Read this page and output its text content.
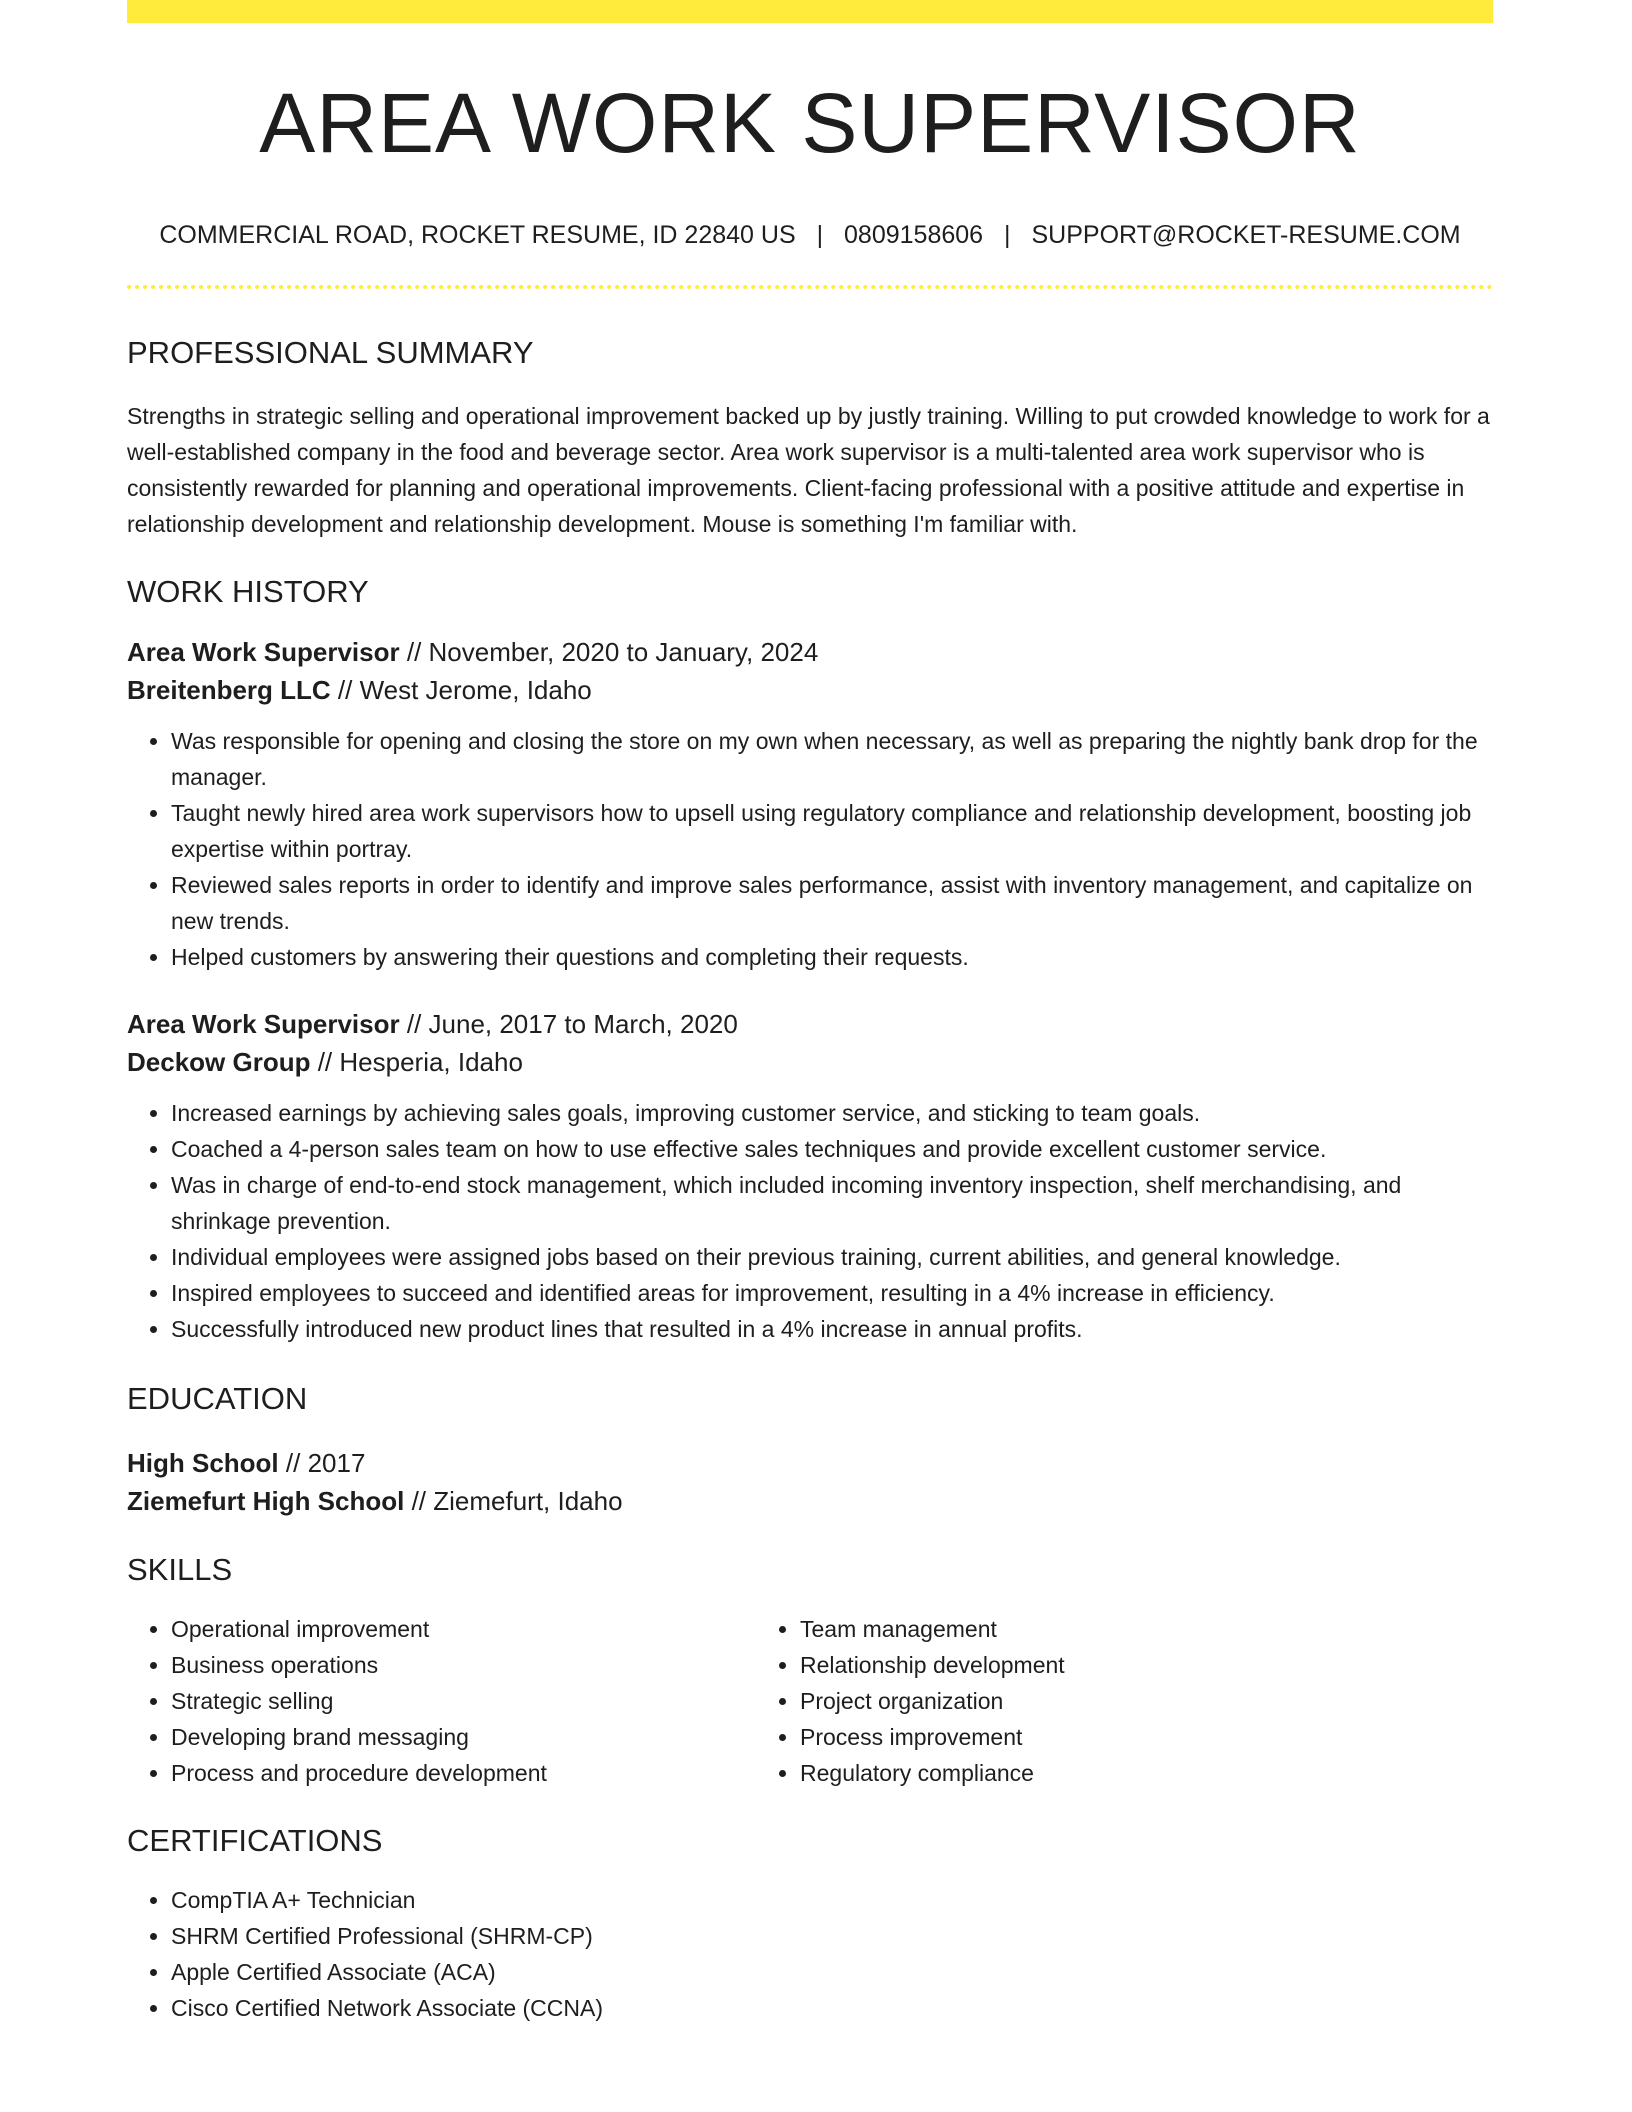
AREA WORK SUPERVISOR
COMMERCIAL ROAD, ROCKET RESUME, ID 22840 US | 0809158606 | SUPPORT@ROCKET-RESUME.COM
PROFESSIONAL SUMMARY

Strengths in strategic selling and operational improvement backed up by justly training. Willing to put crowded knowledge to work for a well-established company in the food and beverage sector. Area work supervisor is a multi-talented area work supervisor who is consistently rewarded for planning and operational improvements. Client-facing professional with a positive attitude and expertise in relationship development and relationship development. Mouse is something I'm familiar with.

WORK HISTORY
Area Work Supervisor // November, 2020 to January, 2024
Breitenberg LLC // West Jerome, Idaho
• Was responsible for opening and closing the store on my own when necessary, as well as preparing the nightly bank drop for the manager.
• Taught newly hired area work supervisors how to upsell using regulatory compliance and relationship development, boosting job expertise within portray.
• Reviewed sales reports in order to identify and improve sales performance, assist with inventory management, and capitalize on new trends.
• Helped customers by answering their questions and completing their requests.
Area Work Supervisor // June, 2017 to March, 2020
Deckow Group // Hesperia, Idaho
• Increased earnings by achieving sales goals, improving customer service, and sticking to team goals.
• Coached a 4-person sales team on how to use effective sales techniques and provide excellent customer service.
• Was in charge of end-to-end stock management, which included incoming inventory inspection, shelf merchandising, and shrinkage prevention.
• Individual employees were assigned jobs based on their previous training, current abilities, and general knowledge.
• Inspired employees to succeed and identified areas for improvement, resulting in a 4% increase in efficiency.
• Successfully introduced new product lines that resulted in a 4% increase in annual profits.
EDUCATION
High School // 2017
Ziemefurt High School // Ziemefurt, Idaho
SKILLS
• Operational improvement
• Business operations
• Strategic selling
• Developing brand messaging
• Process and procedure development
• Team management
• Relationship development
• Project organization
• Process improvement
• Regulatory compliance
CERTIFICATIONS
• CompTIA A+ Technician
• SHRM Certified Professional (SHRM-CP)
• Apple Certified Associate (ACA)
• Cisco Certified Network Associate (CCNA)
